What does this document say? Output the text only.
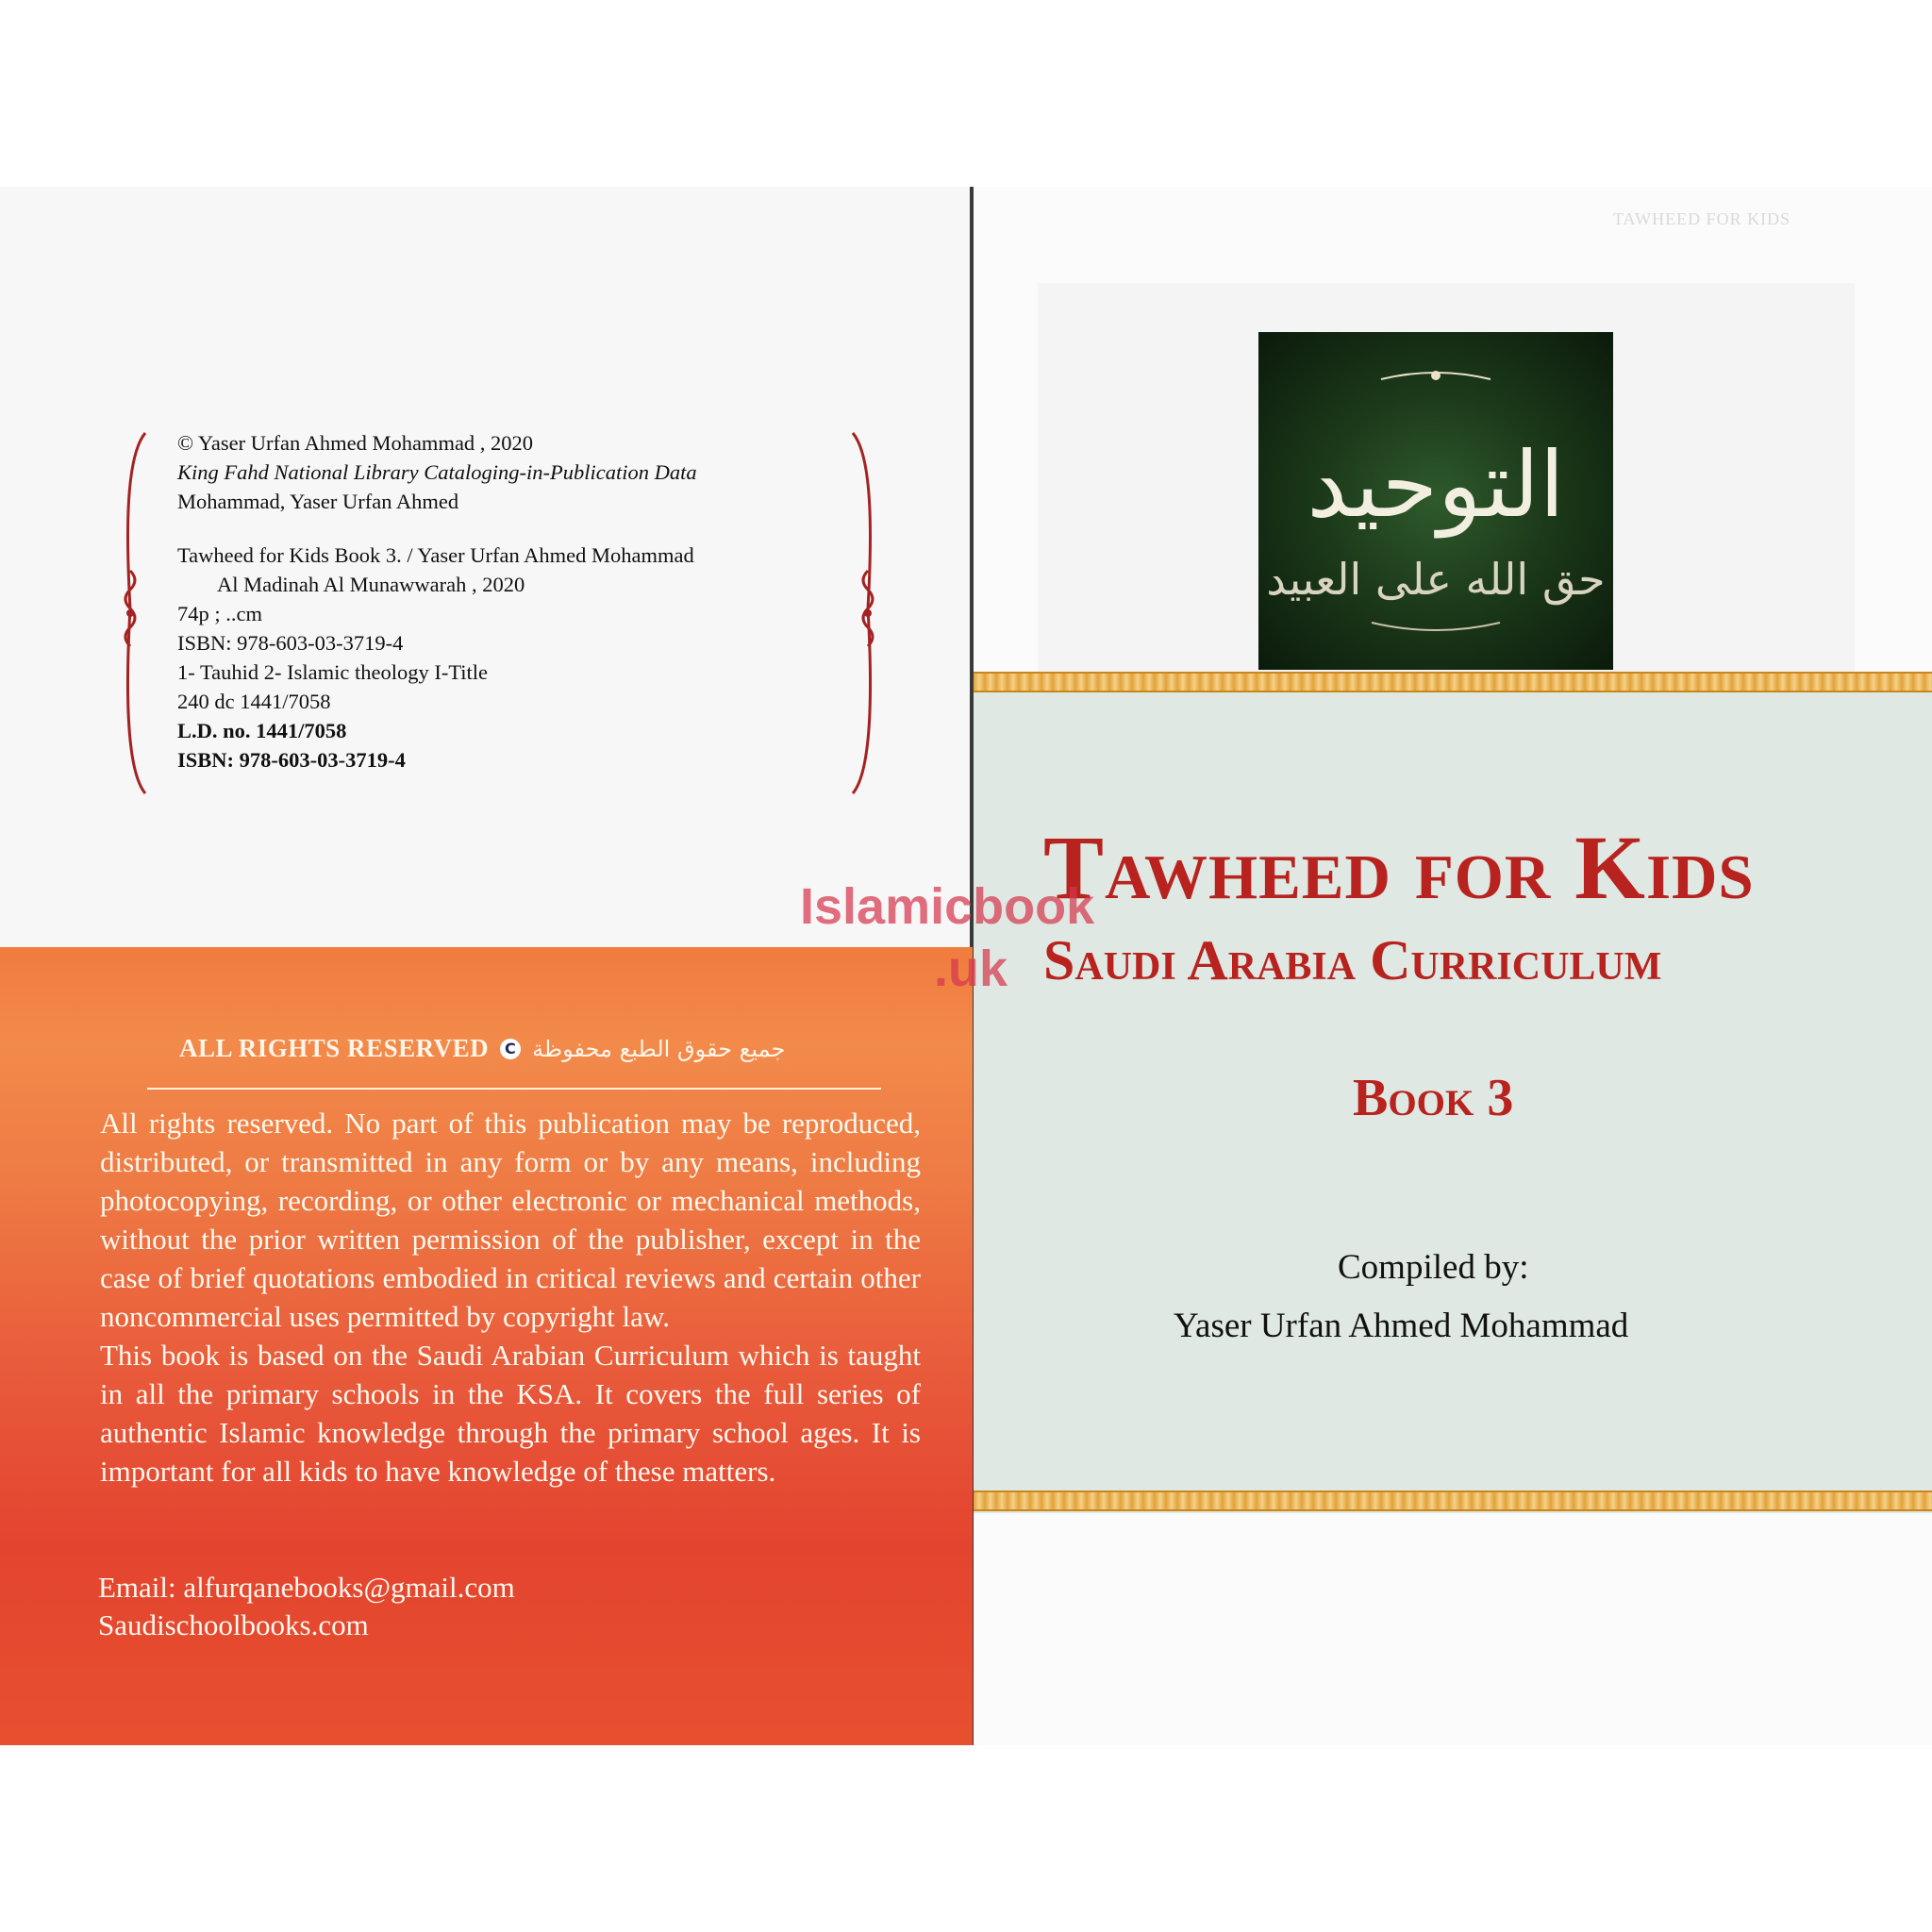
© Yaser Urfan Ahmed Mohammad , 2020

King Fahd National Library Cataloging-in-Publication Data

Mohammad, Yaser Urfan Ahmed

Tawheed for Kids Book 3. / Yaser Urfan Ahmed Mohammad

Al Madinah Al Munawwarah , 2020

74p ; ..cm

ISBN: 978-603-03-3719-4

1- Tauhid 2- Islamic theology I-Title

240 dc 1441/7058

L.D. no. 1441/7058

ISBN: 978-603-03-3719-4

ALL RIGHTS RESERVED	C جميع حقوق الطبع محفوظة

All rights reserved. No part of this publication may be reproduced, distributed, or transmitted in any form or by any means, including photocopying, recording, or other electronic or mechanical methods, without the prior written permission of the publisher, except in the case of brief quotations embodied in critical reviews and certain other noncommercial uses permitted by copyright law.

This book is based on the Saudi Arabian Curriculum which is taught in all the primary schools in the KSA. It covers the full series of authentic Islamic knowledge through the primary school ages. It is important for all kids to have knowledge of these matters.

Email: alfurqanebooks@gmail.com

Saudischoolbooks.com

TAWHEED FOR KIDS
التوحيد
حق الله على العبيد
Tawheed for Kids
Saudi Arabia Curriculum
Book 3
Compiled by:
Yaser Urfan Ahmed Mohammad
Islamicbook
.uk
